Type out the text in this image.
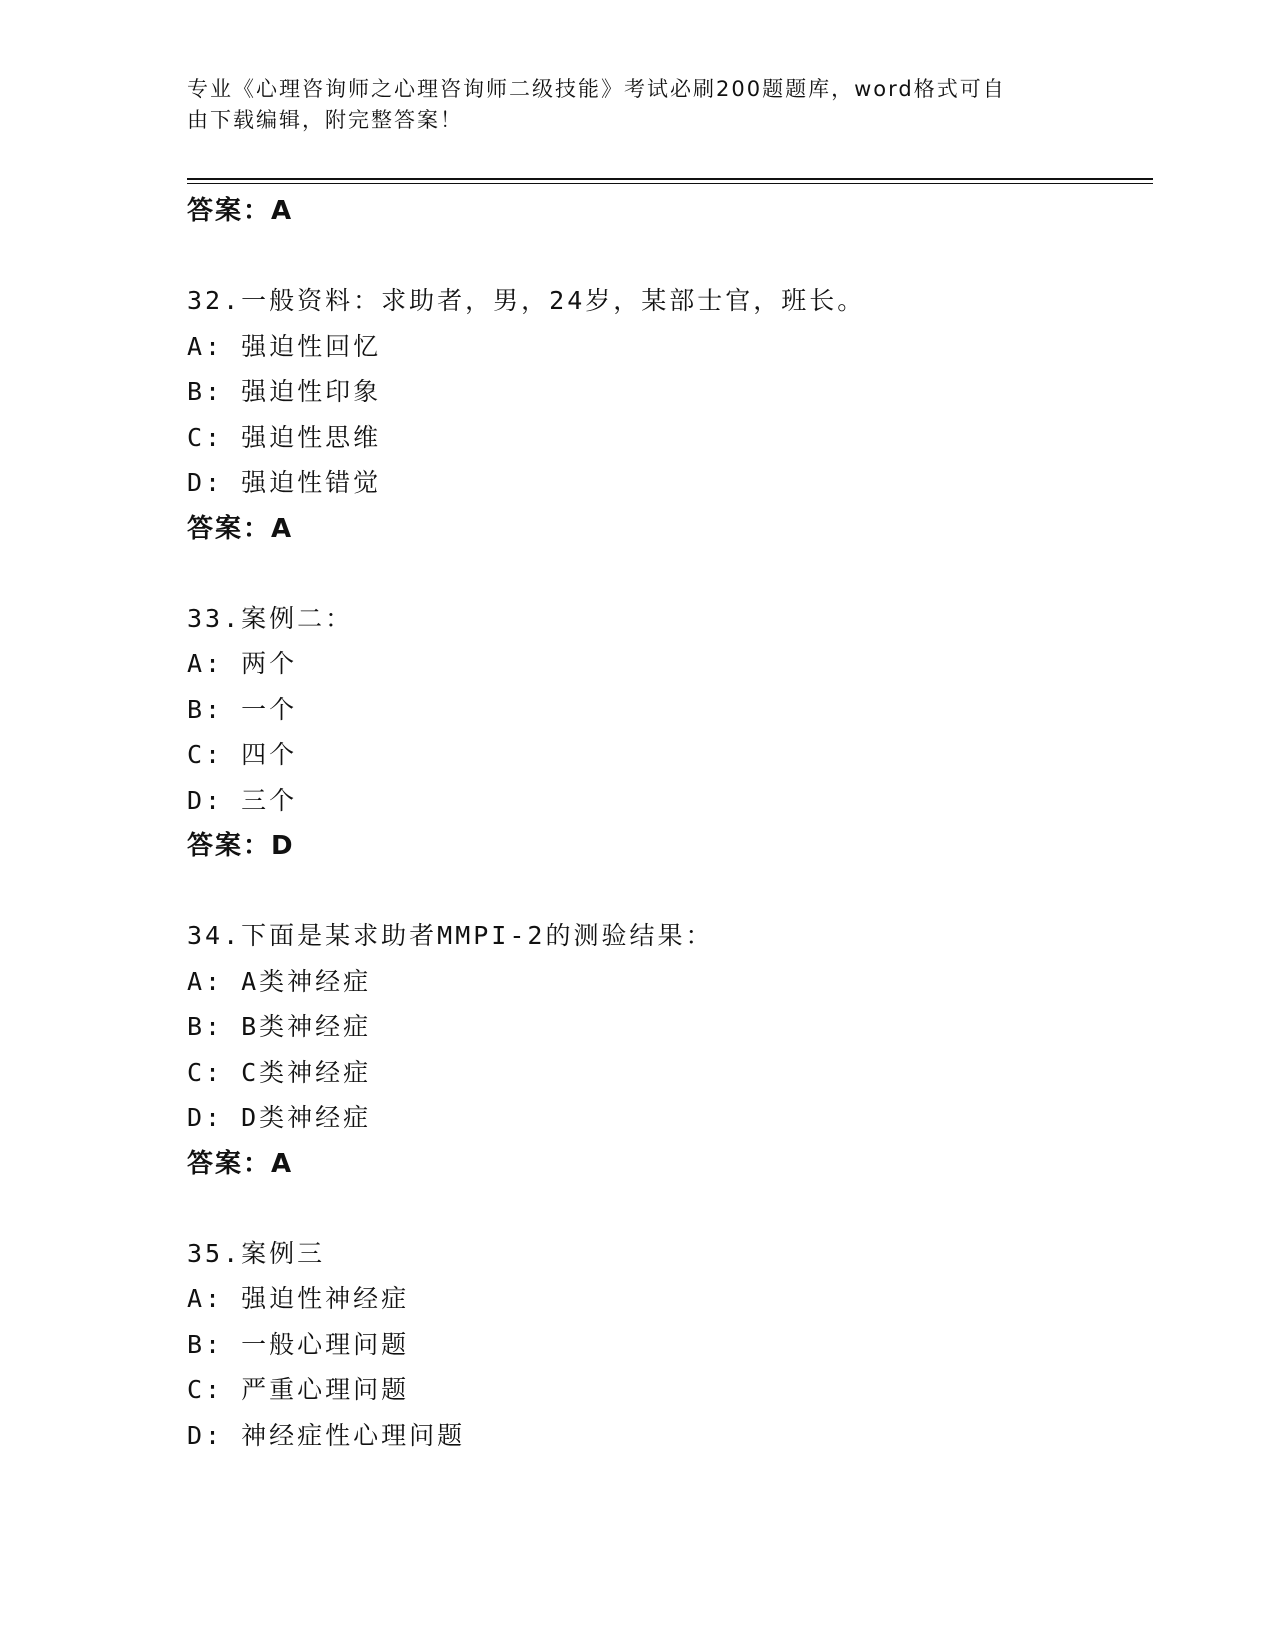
专业《心理咨询师之心理咨询师二级技能》考试必刷200题题库，word格式可自
由下载编辑，附完整答案！
答案：A
32.一般资料：求助者，男，24岁，某部士官，班长。
A: 强迫性回忆
B: 强迫性印象
C: 强迫性思维
D: 强迫性错觉
答案：A
33.案例二：
A: 两个
B: 一个
C: 四个
D: 三个
答案：D
34.下面是某求助者MMPI-2的测验结果：
A: A类神经症
B: B类神经症
C: C类神经症
D: D类神经症
答案：A
35.案例三
A: 强迫性神经症
B: 一般心理问题
C: 严重心理问题
D: 神经症性心理问题
